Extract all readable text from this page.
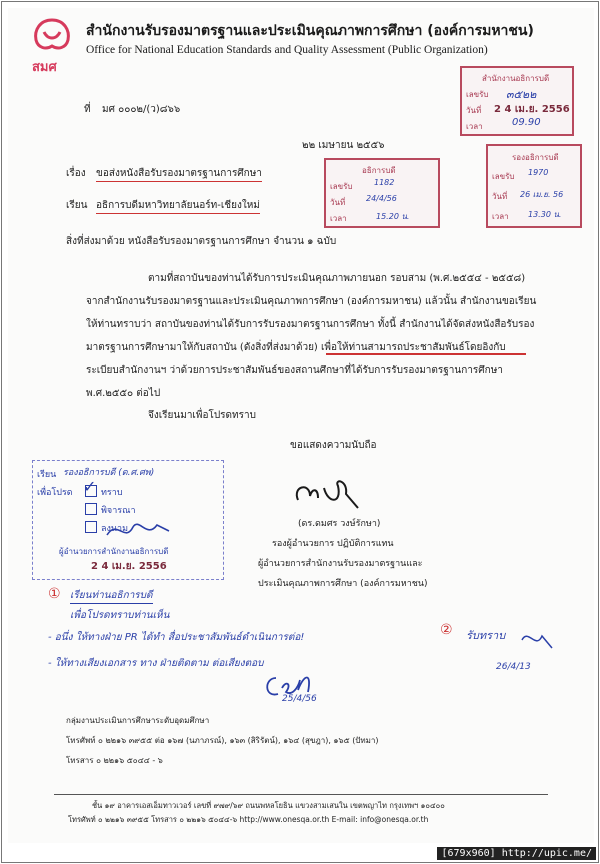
สมศ
สำนักงานรับรองมาตรฐานและประเมินคุณภาพการศึกษา (องค์การมหาชน)
Office for National Education Standards and Quality Assessment (Public Organization)
สำนักงานอธิการบดี
เลขรับ ๓๕๒๒
วันที่ 2 4 เม.ย. 2556
เวลา	09.90
ที่ มศ ๐๐๐๒/(ว)๘๖๖
๒๒ เมษายน ๒๕๕๖
รองอธิการบดี
เลขรับ 1970
วันที่ 26 เม.ย. 56
เวลา 13.30 น.
อธิการบดี
เลขรับ	1182
วันที่	24/4/56
เวลา	15.20 น.
เรื่อง ขอส่งหนังสือรับรองมาตรฐานการศึกษา
เรียน อธิการบดีมหาวิทยาลัยนอร์ท-เชียงใหม่
สิ่งที่ส่งมาด้วย หนังสือรับรองมาตรฐานการศึกษา จำนวน ๑ ฉบับ
ตามที่สถาบันของท่านได้รับการประเมินคุณภาพภายนอก รอบสาม (พ.ศ.๒๕๕๔ - ๒๕๕๘)
จากสำนักงานรับรองมาตรฐานและประเมินคุณภาพการศึกษา (องค์การมหาชน) แล้วนั้น สำนักงานขอเรียน
ให้ท่านทราบว่า สถาบันของท่านได้รับการรับรองมาตรฐานการศึกษา ทั้งนี้ สำนักงานได้จัดส่งหนังสือรับรอง
มาตรฐานการศึกษามาให้กับสถาบัน (ดังสิ่งที่ส่งมาด้วย) เพื่อให้ท่านสามารถประชาสัมพันธ์โดยอิงกับ
ระเบียบสำนักงานฯ ว่าด้วยการประชาสัมพันธ์ของสถานศึกษาที่ได้รับการรับรองมาตรฐานการศึกษา
พ.ศ.๒๕๕๐ ต่อไป
จึงเรียนมาเพื่อโปรดทราบ
ขอแสดงความนับถือ
เรียน รองอธิการบดี (ด.ศ.ศพ)
เพื่อโปรด ✓ ทราบ
พิจารณา
ลงนาม
ผู้อำนวยการสำนักงานอธิการบดี
2 4 เม.ย. 2556
(ดร.ดมศร วงษ์รักษา)
รองผู้อำนวยการ ปฏิบัติการแทน
ผู้อำนวยการสำนักงานรับรองมาตรฐานและ
ประเมินคุณภาพการศึกษา (องค์การมหาชน)
① เรียนท่านอธิการบดี
เพื่อโปรดทราบท่านเห็น
- อนึ่ง ให้ทางฝ่าย PR ได้ทำ สื่อประชาสัมพันธ์ดำเนินการต่อ!
- ให้ทางเสียงเอกสาร ทาง ฝ่ายติดตาม ต่อเสียงตอบ
25/4/56
② รับทราบ
26/4/13
กลุ่มงานประเมินการศึกษาระดับอุดมศึกษา
โทรศัพท์ ๐ ๒๒๑๖ ๓๙๕๕ ต่อ ๑๖๗ (นภาภรณ์), ๑๖๓ (สิริรัตน์), ๑๖๔ (สุขฎา), ๑๖๕ (ปัทมา)
โทรสาร ๐ ๒๒๑๖ ๕๐๔๔ - ๖
ชั้น ๑๙ อาคารเอสเอ็มทาวเวอร์ เลขที่ ๙๗๙/๖๙ ถนนพหลโยธิน แขวงสามเสนใน เขตพญาไท กรุงเทพฯ ๑๐๔๐๐
โทรศัพท์ ๐ ๒๒๑๖ ๓๙๕๕ โทรสาร ๐ ๒๒๑๖ ๕๐๔๔-๖ http://www.onesqa.or.th E-mail: info@onesqa.or.th
[679x960] http://upic.me/
